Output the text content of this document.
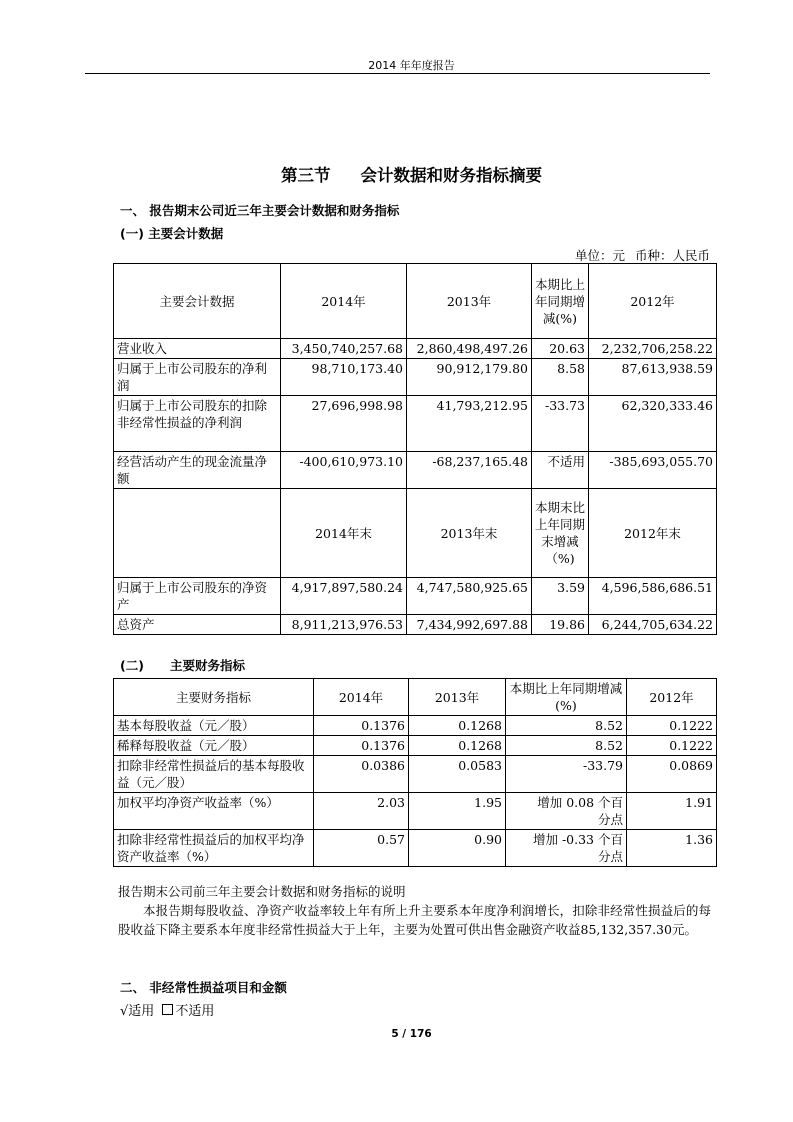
2014 年年度报告
第三节 会计数据和财务指标摘要
一、 报告期末公司近三年主要会计数据和财务指标
(一) 主要会计数据
单位：元 币种：人民币
主要会计数据	2014年	2013年	本期比上年同期增减(%)	2012年
营业收入	3,450,740,257.68	2,860,498,497.26	20.63	2,232,706,258.22
归属于上市公司股东的净利润	98,710,173.40	90,912,179.80	8.58	87,613,938.59
归属于上市公司股东的扣除非经常性损益的净利润	27,696,998.98	41,793,212.95	-33.73	62,320,333.46
经营活动产生的现金流量净额	-400,610,973.10	-68,237,165.48	不适用	-385,693,055.70
	2014年末	2013年末	本期末比上年同期末增减（%)	2012年末
归属于上市公司股东的净资产	4,917,897,580.24	4,747,580,925.65	3.59	4,596,586,686.51
总资产	8,911,213,976.53	7,434,992,697.88	19.86	6,244,705,634.22
(二) 主要财务指标
主要财务指标	2014年	2013年	本期比上年同期增减(%)	2012年
基本每股收益（元／股）	0.1376	0.1268	8.52	0.1222
稀释每股收益（元／股）	0.1376	0.1268	8.52	0.1222
扣除非经常性损益后的基本每股收益（元／股）	0.0386	0.0583	-33.79	0.0869
加权平均净资产收益率（%）	2.03	1.95	增加 0.08 个百分点	1.91
扣除非经常性损益后的加权平均净资产收益率（%）	0.57	0.90	增加 -0.33 个百分点	1.36

报告期末公司前三年主要会计数据和财务指标的说明

本报告期每股收益、净资产收益率较上年有所上升主要系本年度净利润增长，扣除非经常性损益后的每股收益下降主要系本年度非经常性损益大于上年，主要为处置可供出售金融资产收益85,132,357.30元。

二、 非经常性损益项目和金额
√适用 不适用
5 / 176
